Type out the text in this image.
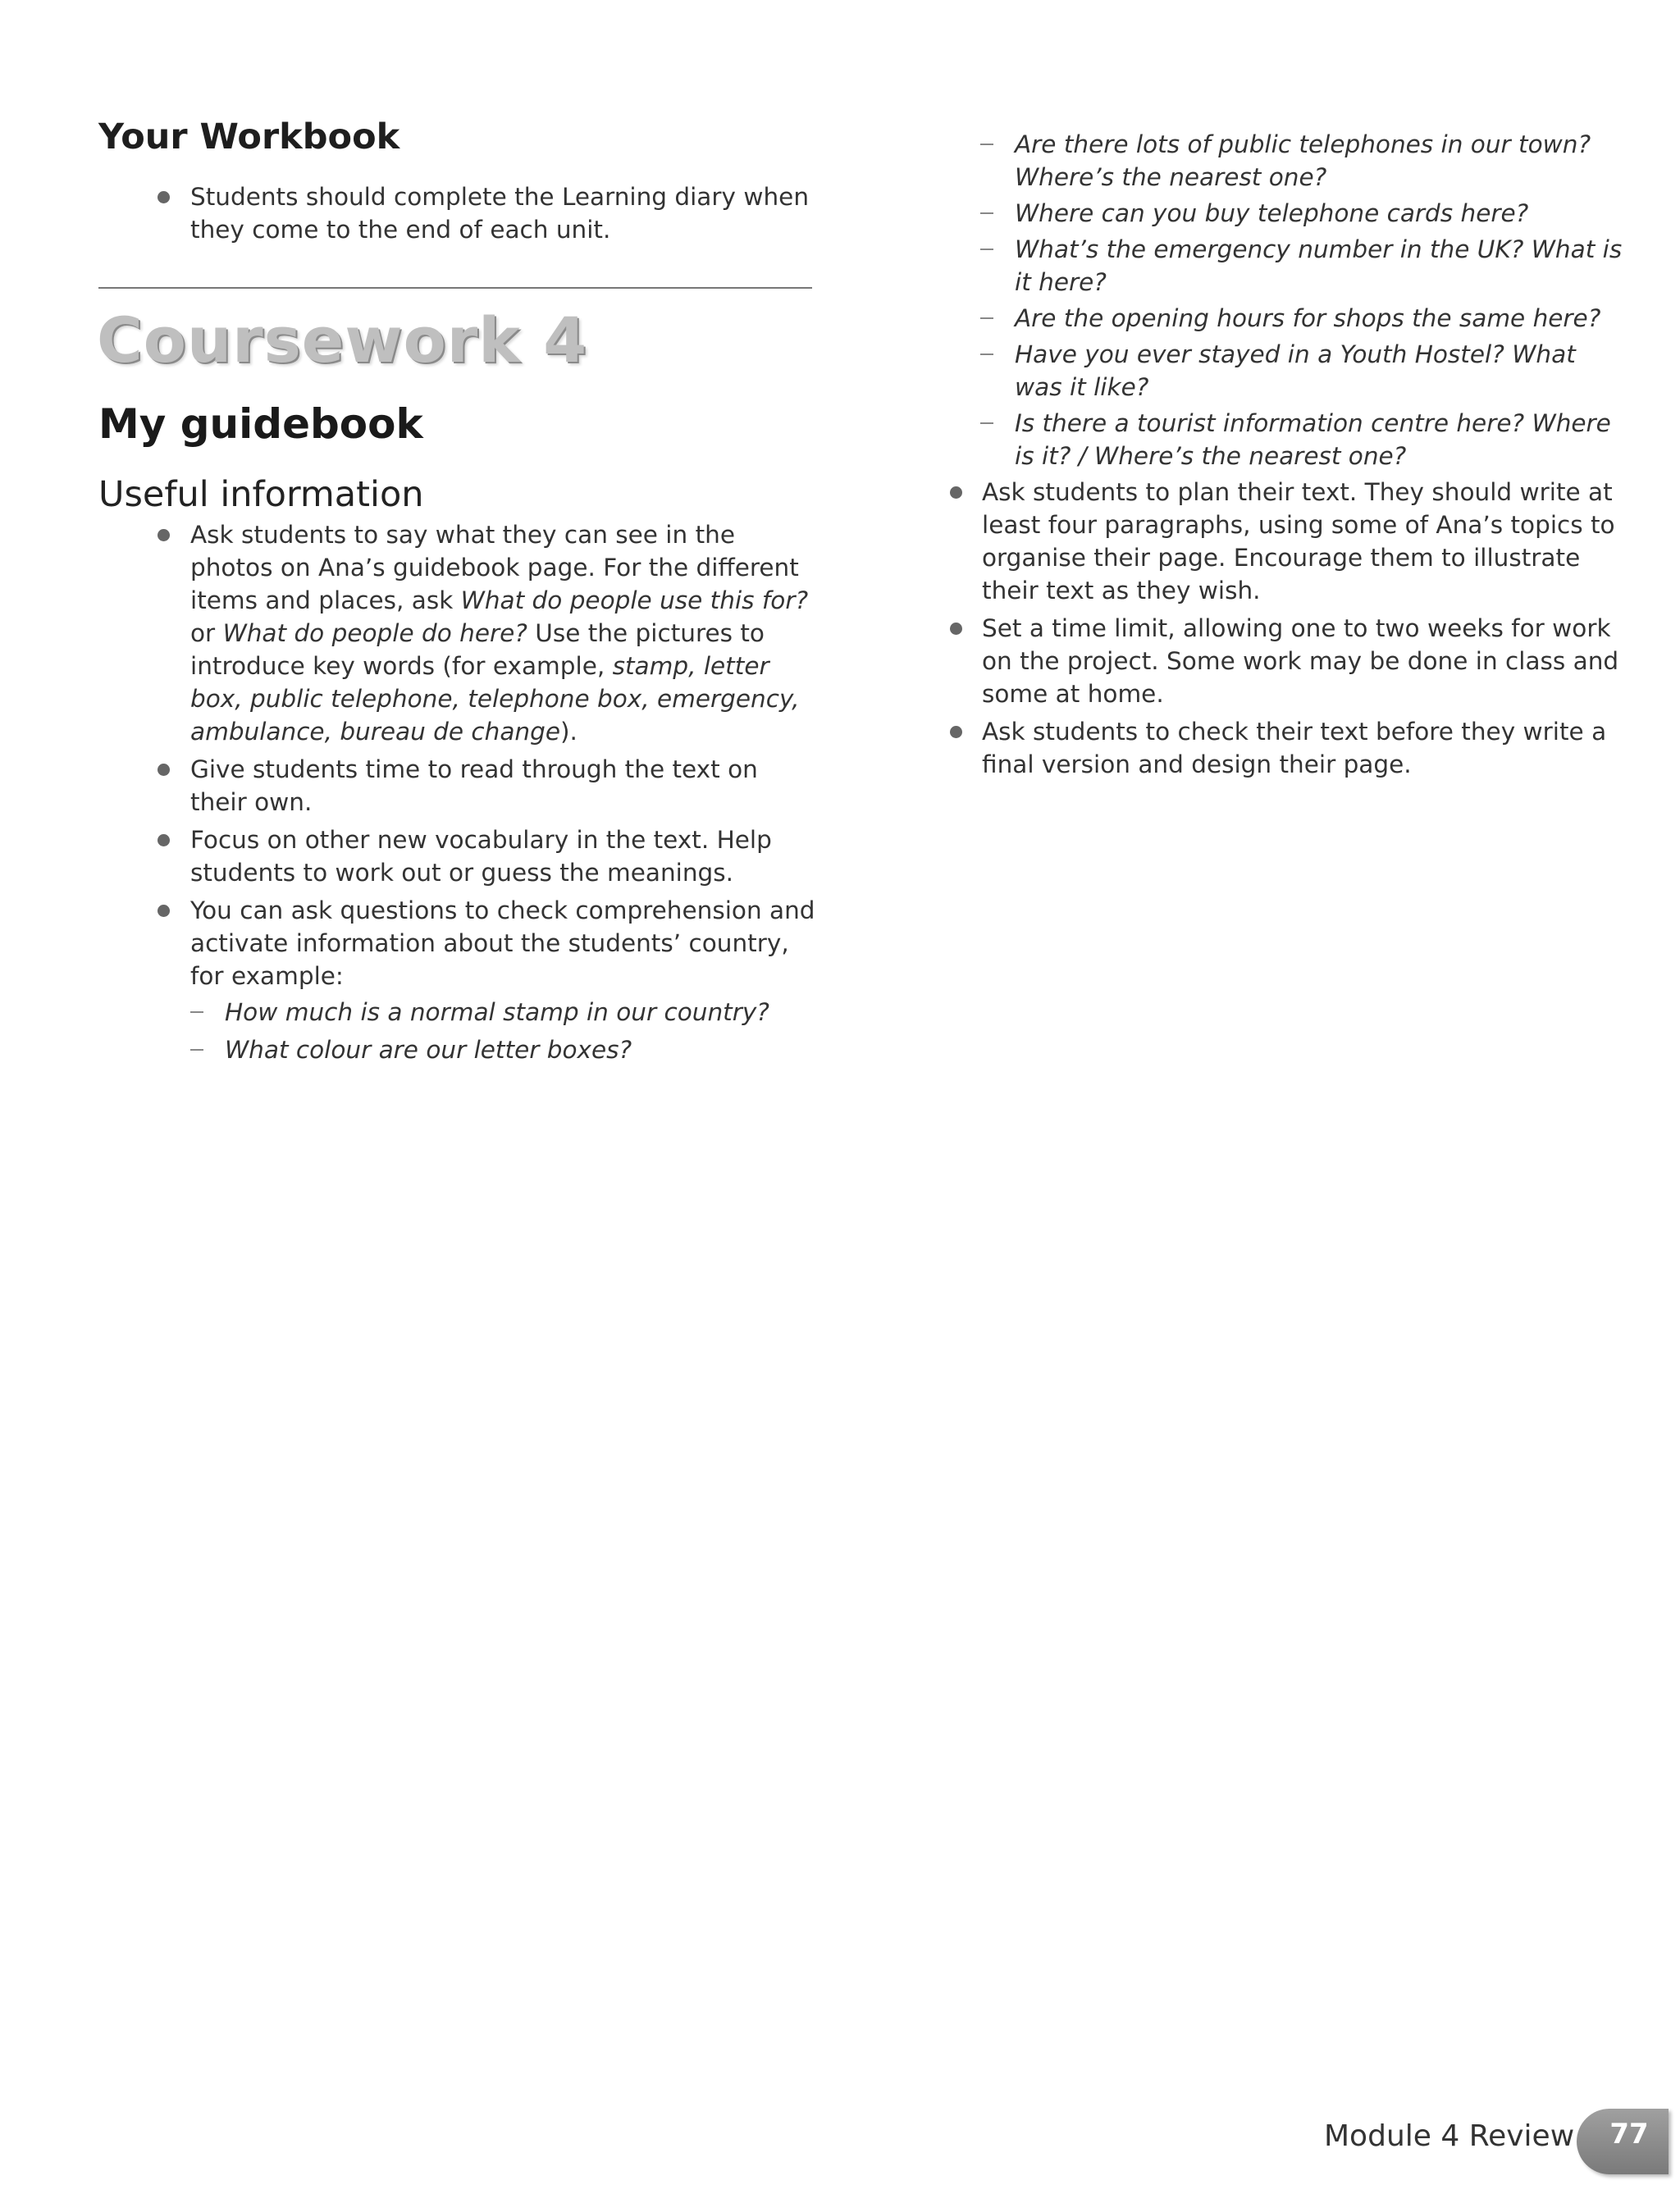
Your Workbook
Students should complete the Learning diary when they come to the end of each unit.
Coursework 4
My guidebook
Useful information
Ask students to say what they can see in the photos on Ana’s guidebook page. For the different items and places, ask What do people use this for? or What do people do here? Use the pictures to introduce key words (for example, stamp, letter box, public telephone, telephone box, emergency, ambulance, bureau de change).
Give students time to read through the text on their own.
Focus on other new vocabulary in the text. Help students to work out or guess the meanings.
You can ask questions to check comprehension and activate information about the students’ country, for example:
How much is a normal stamp in our country?
What colour are our letter boxes?
Are there lots of public telephones in our town? Where’s the nearest one?
Where can you buy telephone cards here?
What’s the emergency number in the UK? What is it here?
Are the opening hours for shops the same here?
Have you ever stayed in a Youth Hostel? What was it like?
Is there a tourist information centre here? Where is it? / Where’s the nearest one?
Ask students to plan their text. They should write at least four paragraphs, using some of Ana’s topics to organise their page. Encourage them to illustrate their text as they wish.
Set a time limit, allowing one to two weeks for work on the project. Some work may be done in class and some at home.
Ask students to check their text before they write a final version and design their page.
Module 4 Review	77
